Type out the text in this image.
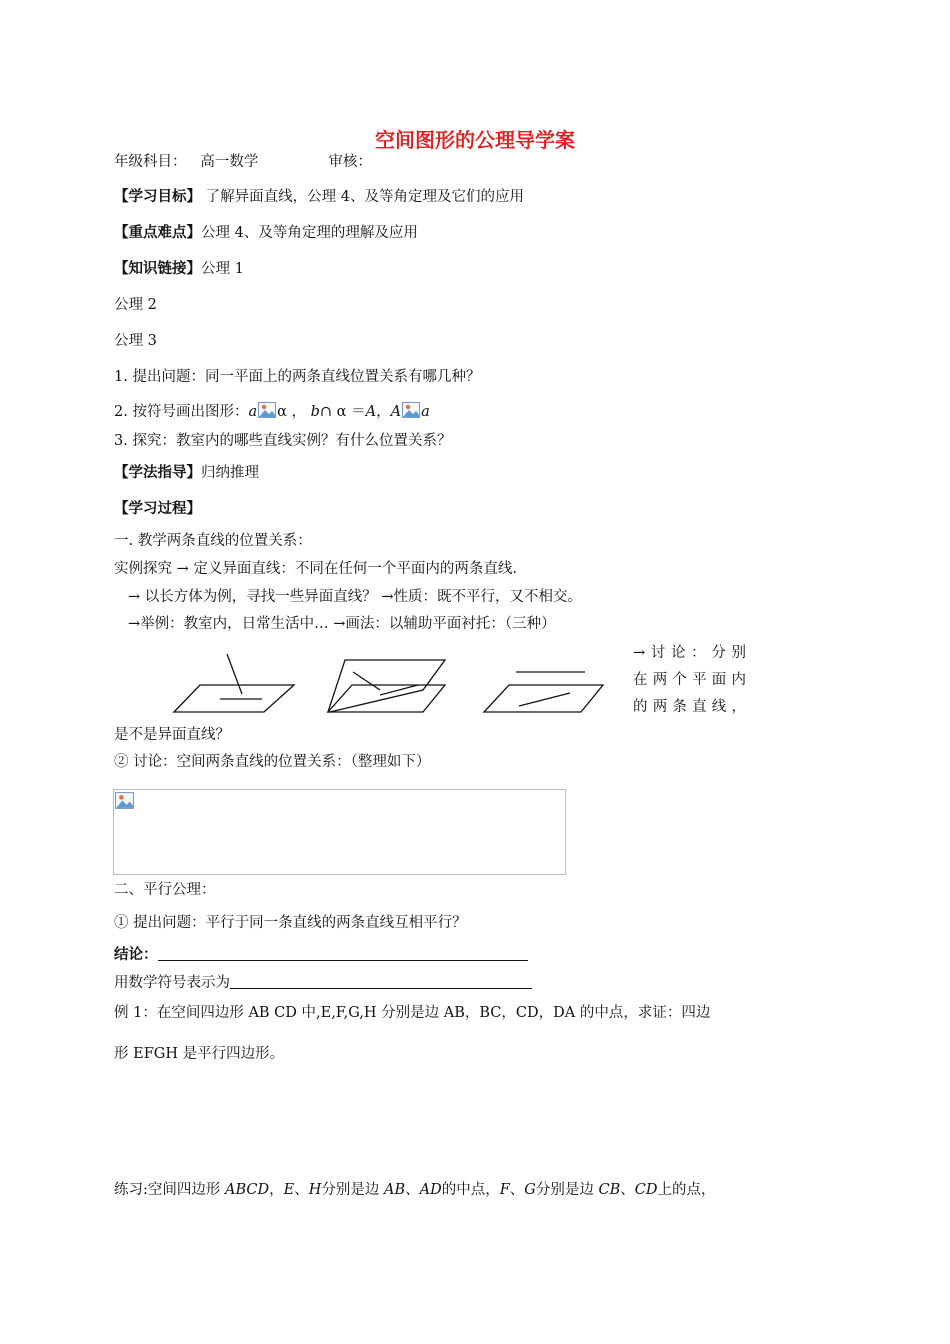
空间图形的公理导学案
年级科目： 高一数学	审核：
【学习目标】 了解异面直线，公理 4、及等角定理及它们的应用
【重点难点】公理 4、及等角定理的理解及应用
【知识链接】公理 1
公理 2
公理 3
1. 提出问题：同一平面上的两条直线位置关系有哪几种？
2. 按符号画出图形：a α ， b∩ α ＝A，A a
3. 探究：教室内的哪些直线实例？有什么位置关系？
【学法指导】归纳推理
【学习过程】
一. 教学两条直线的位置关系：
实例探究 → 定义异面直线：不同在任何一个平面内的两条直线.
→ 以长方体为例，寻找一些异面直线？ →性质：既不平行，又不相交。
→举例：教室内，日常生活中… →画法：以辅助平面衬托：（三种）
→讨论：分别
在两个平面内
的两条直线，
是不是异面直线？
② 讨论：空间两条直线的位置关系：（整理如下）
二、平行公理：
① 提出问题：平行于同一条直线的两条直线互相平行？
结论：
用数学符号表示为
例 1：在空间四边形 AB CD 中,E,F,G,H 分别是边 AB，BC，CD，DA 的中点，求证：四边
形 EFGH 是平行四边形。
练习:空间四边形 ABCD，E、H分别是边 AB、AD的中点，F、G分别是边 CB、CD上的点，
